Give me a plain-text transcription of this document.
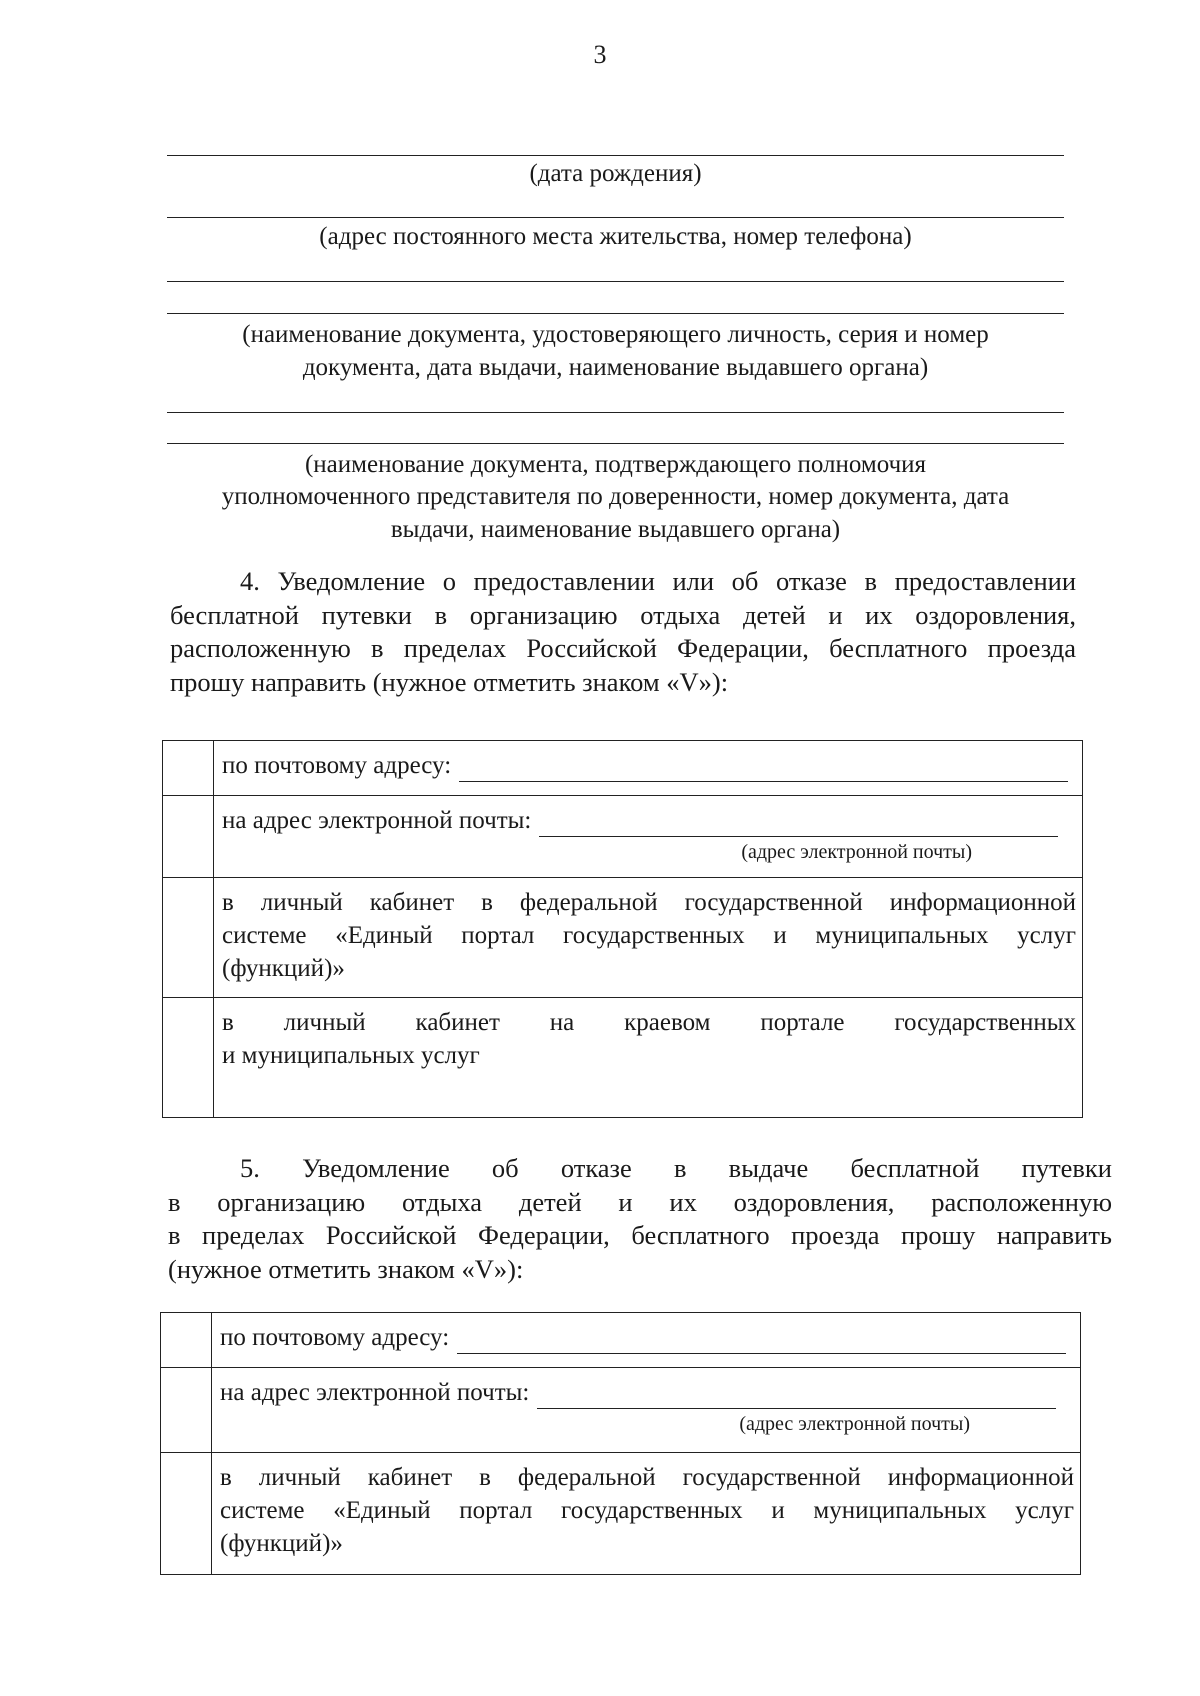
3
(дата рождения)
(адрес постоянного места жительства, номер телефона)
(наименование документа, удостоверяющего личность, серия и номер
документа, дата выдачи, наименование выдавшего органа)
(наименование документа, подтверждающего полномочия
уполномоченного представителя по доверенности, номер документа, дата
выдачи, наименование выдавшего органа)
4. Уведомление о предоставлении или об отказе в предоставлении
бесплатной путевки в организацию отдыха детей и их оздоровления,
расположенную в пределах Российской Федерации, бесплатного проезда
прошу направить (нужное отметить знаком «V»):

	по почтовому адресу:

	на адрес электронной почты:
(адрес электронной почты)

	в личный кабинет в федеральной государственной информационной
системе «Единый портал государственных и муниципальных услуг
(функций)»

	в личный кабинет на краевом портале государственных
и муниципальных услуг
5. Уведомление об отказе в выдаче бесплатной путевки
в организацию отдыха детей и их оздоровления, расположенную
в пределах Российской Федерации, бесплатного проезда прошу направить
(нужное отметить знаком «V»):

	по почтовому адресу:

	на адрес электронной почты:
(адрес электронной почты)

	в личный кабинет в федеральной государственной информационной
системе «Единый портал государственных и муниципальных услуг
(функций)»
